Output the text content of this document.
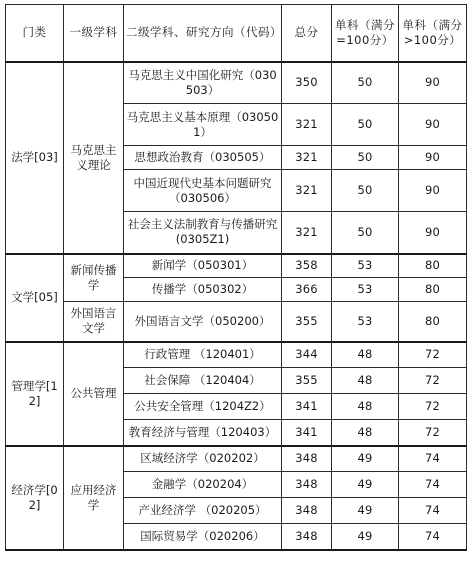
门类	一级学科	二级学科、研究方向（代码）	总分	单科（满分=100分）	单科（满分>100分）
法学[03]	马克思主义理论	马克思主义中国化研究（030503）	350	50	90
		马克思主义基本原理（030501）	321	50	90
		思想政治教育（030505）	321	50	90
		中国近现代史基本问题研究（030506）	321	50	90
		社会主义法制教育与传播研究(0305Z1)	321	50	90
文学[05]	新闻传播学	新闻学（050301）	358	53	80
		传播学（050302）	366	53	80
	外国语言文学	外国语言文学（050200）	355	53	80
管理学[12]	公共管理	行政管理 （120401）	344	48	72
		社会保障 （120404）	355	48	72
		公共安全管理（1204Z2）	341	48	72
		教育经济与管理（120403）	341	48	72
经济学[02]	应用经济学	区域经济学（020202）	348	49	74
		金融学（020204）	348	49	74
		产业经济学 （020205）	348	49	74
		国际贸易学（020206）	348	49	74
